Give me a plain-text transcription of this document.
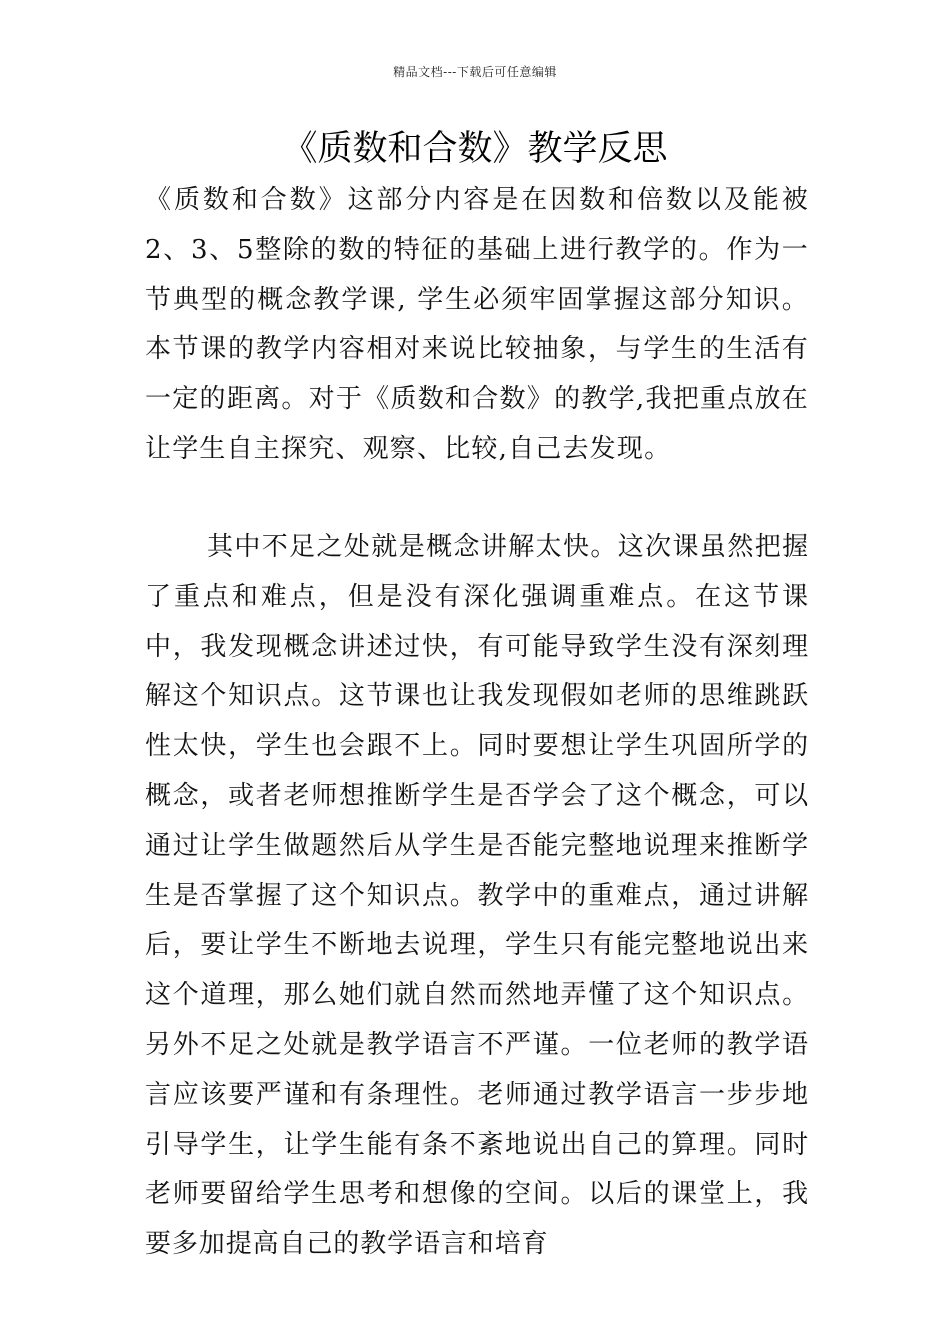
精品文档---下载后可任意编辑
《质数和合数》教学反思

《质数和合数》这部分内容是在因数和倍数以及能被2、3、5整除的数的特征的基础上进行教学的。作为一节典型的概念教学课, 学生必须牢固掌握这部分知识。本节课的教学内容相对来说比较抽象，与学生的生活有一定的距离。对于《质数和合数》的教学,我把重点放在让学生自主探究、观察、比较,自己去发现。

其中不足之处就是概念讲解太快。这次课虽然把握了重点和难点，但是没有深化强调重难点。在这节课中，我发现概念讲述过快，有可能导致学生没有深刻理解这个知识点。这节课也让我发现假如老师的思维跳跃性太快，学生也会跟不上。同时要想让学生巩固所学的概念，或者老师想推断学生是否学会了这个概念，可以通过让学生做题然后从学生是否能完整地说理来推断学生是否掌握了这个知识点。教学中的重难点，通过讲解后，要让学生不断地去说理，学生只有能完整地说出来这个道理，那么她们就自然而然地弄懂了这个知识点。 另外不足之处就是教学语言不严谨。一位老师的教学语言应该要严谨和有条理性。老师通过教学语言一步步地引导学生，让学生能有条不紊地说出自己的算理。同时老师要留给学生思考和想像的空间。以后的课堂上，我要多加提高自己的教学语言和培育
